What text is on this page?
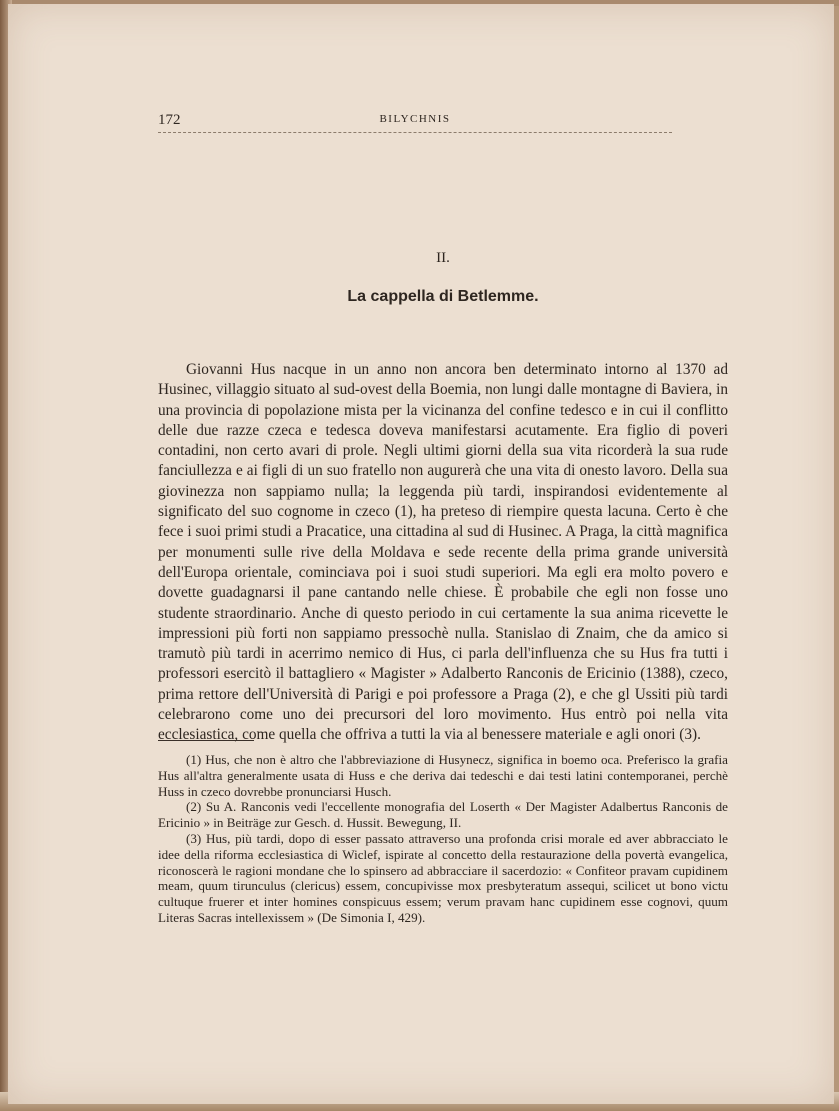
172	BILYCHNIS
II.
La cappella di Betlemme.

Giovanni Hus nacque in un anno non ancora ben determinato intorno al 1370 ad Husinec, villaggio situato al sud-ovest della Boemia, non lungi dalle montagne di Baviera, in una provincia di popolazione mista per la vicinanza del confine tedesco e in cui il conflitto delle due razze czeca e tedesca doveva manifestarsi acutamente. Era figlio di poveri contadini, non certo avari di prole. Negli ultimi giorni della sua vita ricorderà la sua rude fanciullezza e ai figli di un suo fratello non augurerà che una vita di onesto lavoro. Della sua giovinezza non sappiamo nulla; la leggenda più tardi, inspirandosi evidentemente al significato del suo cognome in czeco (1), ha preteso di riempire questa lacuna. Certo è che fece i suoi primi studi a Pracatice, una cittadina al sud di Husinec. A Praga, la città magnifica per monumenti sulle rive della Moldava e sede recente della prima grande università dell'Europa orientale, cominciava poi i suoi studi superiori. Ma egli era molto povero e dovette guadagnarsi il pane cantando nelle chiese. È probabile che egli non fosse uno studente straordinario. Anche di questo periodo in cui certamente la sua anima ricevette le impressioni più forti non sappiamo pressochè nulla. Stanislao di Znaim, che da amico si tramutò più tardi in acerrimo nemico di Hus, ci parla dell'influenza che su Hus fra tutti i professori esercitò il battagliero « Magister » Adalberto Ranconis de Ericinio (1388), czeco, prima rettore dell'Università di Parigi e poi professore a Praga (2), e che gl Ussiti più tardi celebrarono come uno dei precursori del loro movimento. Hus entrò poi nella vita ecclesiastica, come quella che offriva a tutti la via al benessere materiale e agli onori (3).

(1) Hus, che non è altro che l'abbreviazione di Husynecz, significa in boemo oca. Preferisco la grafia Hus all'altra generalmente usata di Huss e che deriva dai tedeschi e dai testi latini contemporanei, perchè Huss in czeco dovrebbe pronunciarsi Husch.

(2) Su A. Ranconis vedi l'eccellente monografia del Loserth « Der Magister Adalbertus Ranconis de Ericinio » in Beiträge zur Gesch. d. Hussit. Bewegung, II.

(3) Hus, più tardi, dopo di esser passato attraverso una profonda crisi morale ed aver abbracciato le idee della riforma ecclesiastica di Wiclef, ispirate al concetto della restaurazione della povertà evangelica, riconoscerà le ragioni mondane che lo spinsero ad abbracciare il sacerdozio: « Confiteor pravam cupidinem meam, quum tirunculus (clericus) essem, concupivisse mox presbyteratum assequi, scilicet ut bono victu cultuque fruerer et inter homines conspicuus essem; verum pravam hanc cupidinem esse cognovi, quum Literas Sacras intellexissem » (De Simonia I, 429).
